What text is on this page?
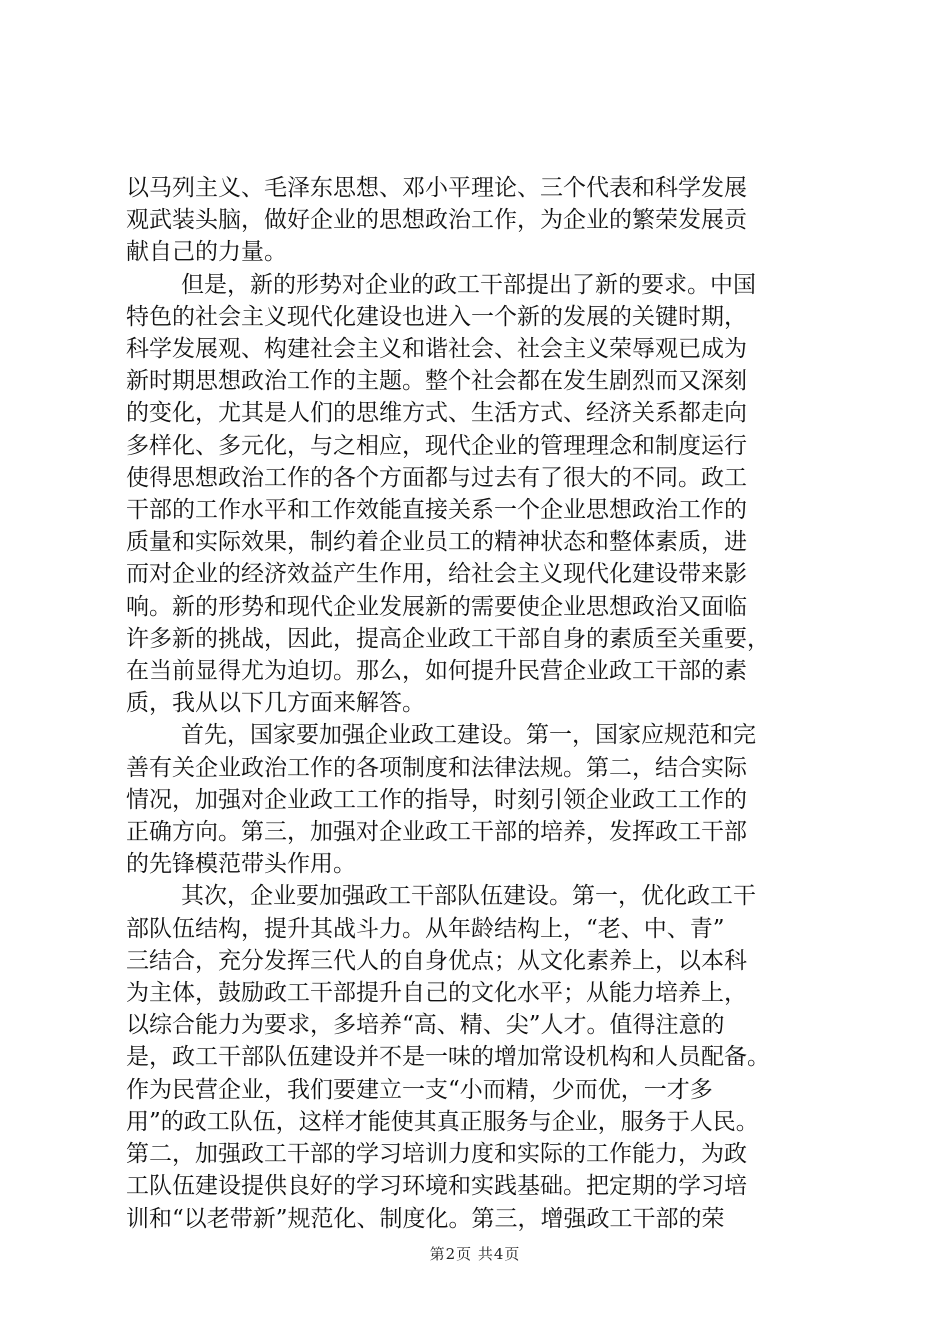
以马列主义、毛泽东思想、邓小平理论、三个代表和科学发展
观武装头脑，做好企业的思想政治工作，为企业的繁荣发展贡
献自己的力量。

但是，新的形势对企业的政工干部提出了新的要求。中国
特色的社会主义现代化建设也进入一个新的发展的关键时期，
科学发展观、构建社会主义和谐社会、社会主义荣辱观已成为
新时期思想政治工作的主题。整个社会都在发生剧烈而又深刻
的变化，尤其是人们的思维方式、生活方式、经济关系都走向
多样化、多元化，与之相应，现代企业的管理理念和制度运行
使得思想政治工作的各个方面都与过去有了很大的不同。政工
干部的工作水平和工作效能直接关系一个企业思想政治工作的
质量和实际效果，制约着企业员工的精神状态和整体素质，进
而对企业的经济效益产生作用，给社会主义现代化建设带来影
响。新的形势和现代企业发展新的需要使企业思想政治又面临
许多新的挑战，因此，提高企业政工干部自身的素质至关重要，
在当前显得尤为迫切。那么，如何提升民营企业政工干部的素
质，我从以下几方面来解答。

首先，国家要加强企业政工建设。第一，国家应规范和完
善有关企业政治工作的各项制度和法律法规。第二，结合实际
情况，加强对企业政工工作的指导，时刻引领企业政工工作的
正确方向。第三，加强对企业政工干部的培养，发挥政工干部
的先锋模范带头作用。

其次，企业要加强政工干部队伍建设。第一，优化政工干
部队伍结构，提升其战斗力。从年龄结构上，“老、中、青”
三结合，充分发挥三代人的自身优点；从文化素养上，以本科
为主体，鼓励政工干部提升自己的文化水平；从能力培养上，
以综合能力为要求，多培养“高、精、尖”人才。值得注意的
是，政工干部队伍建设并不是一味的增加常设机构和人员配备。
作为民营企业，我们要建立一支“小而精，少而优，一才多
用”的政工队伍，这样才能使其真正服务与企业，服务于人民。
第二，加强政工干部的学习培训力度和实际的工作能力，为政
工队伍建设提供良好的学习环境和实践基础。把定期的学习培
训和“以老带新”规范化、制度化。第三，增强政工干部的荣

第2页 共4页
